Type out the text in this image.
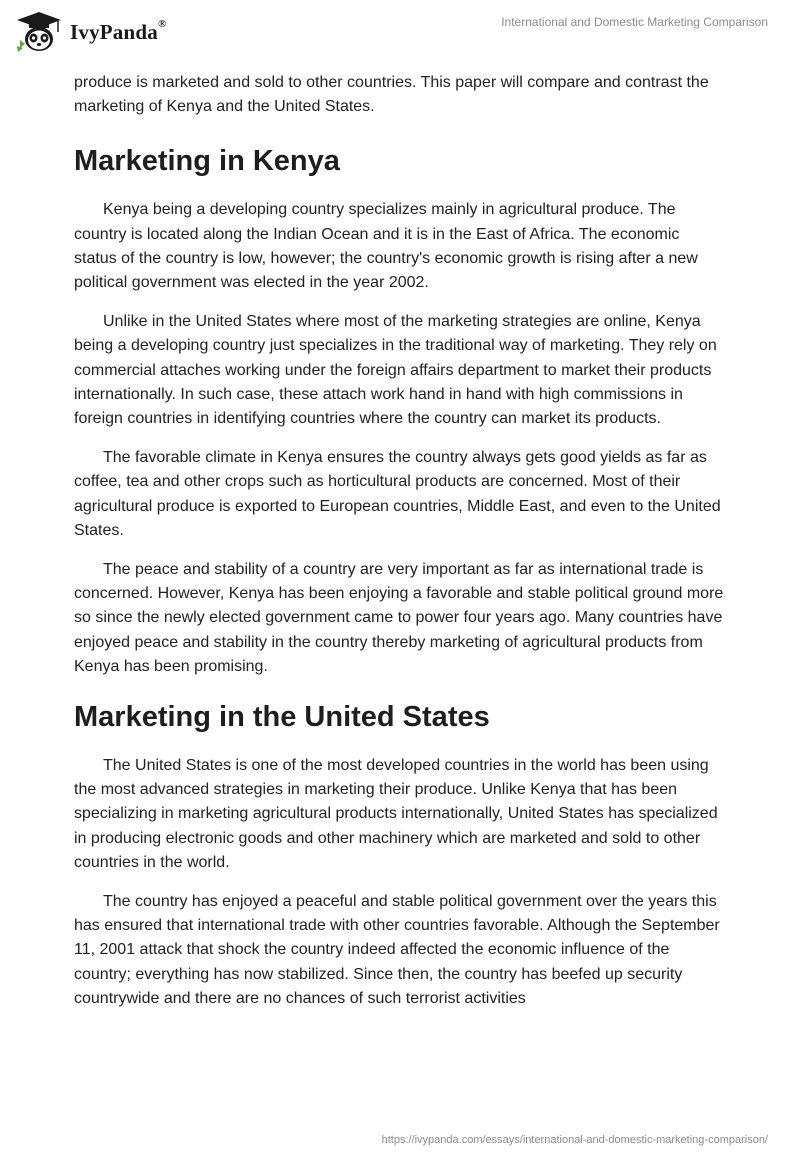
IvyPanda®	International and Domestic Marketing Comparison

produce is marketed and sold to other countries. This paper will compare and contrast the marketing of Kenya and the United States.

Marketing in Kenya

Kenya being a developing country specializes mainly in agricultural produce. The country is located along the Indian Ocean and it is in the East of Africa. The economic status of the country is low, however; the country's economic growth is rising after a new political government was elected in the year 2002.

Unlike in the United States where most of the marketing strategies are online, Kenya being a developing country just specializes in the traditional way of marketing. They rely on commercial attaches working under the foreign affairs department to market their products internationally. In such case, these attach work hand in hand with high commissions in foreign countries in identifying countries where the country can market its products.

The favorable climate in Kenya ensures the country always gets good yields as far as coffee, tea and other crops such as horticultural products are concerned. Most of their agricultural produce is exported to European countries, Middle East, and even to the United States.

The peace and stability of a country are very important as far as international trade is concerned. However, Kenya has been enjoying a favorable and stable political ground more so since the newly elected government came to power four years ago. Many countries have enjoyed peace and stability in the country thereby marketing of agricultural products from Kenya has been promising.

Marketing in the United States

The United States is one of the most developed countries in the world has been using the most advanced strategies in marketing their produce. Unlike Kenya that has been specializing in marketing agricultural products internationally, United States has specialized in producing electronic goods and other machinery which are marketed and sold to other countries in the world.

The country has enjoyed a peaceful and stable political government over the years this has ensured that international trade with other countries favorable. Although the September 11, 2001 attack that shock the country indeed affected the economic influence of the country; everything has now stabilized. Since then, the country has beefed up security countrywide and there are no chances of such terrorist activities

https://ivypanda.com/essays/international-and-domestic-marketing-comparison/
